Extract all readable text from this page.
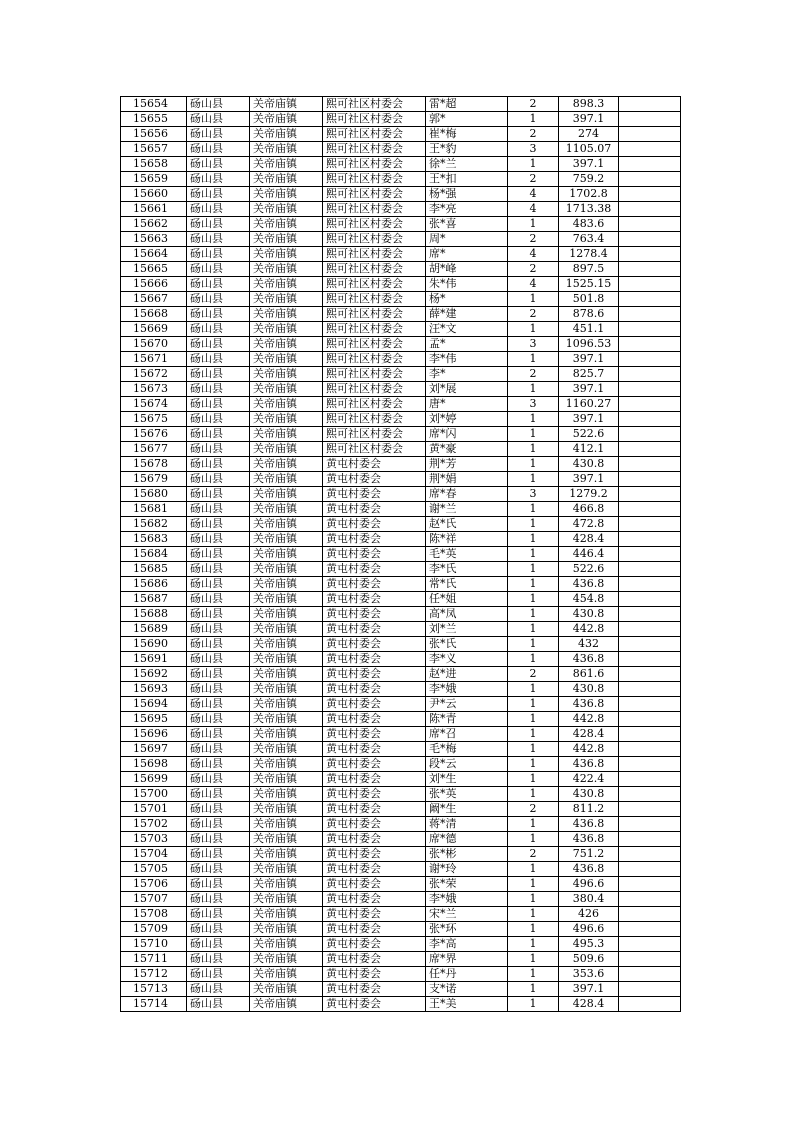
15654	砀山县	关帝庙镇	熙可社区村委会	雷*超	2	898.3	
15655	砀山县	关帝庙镇	熙可社区村委会	郭*	1	397.1	
15656	砀山县	关帝庙镇	熙可社区村委会	崔*梅	2	274	
15657	砀山县	关帝庙镇	熙可社区村委会	王*豹	3	1105.07	
15658	砀山县	关帝庙镇	熙可社区村委会	徐*兰	1	397.1	
15659	砀山县	关帝庙镇	熙可社区村委会	王*扣	2	759.2	
15660	砀山县	关帝庙镇	熙可社区村委会	杨*强	4	1702.8	
15661	砀山县	关帝庙镇	熙可社区村委会	李*亮	4	1713.38	
15662	砀山县	关帝庙镇	熙可社区村委会	张*喜	1	483.6	
15663	砀山县	关帝庙镇	熙可社区村委会	周*	2	763.4	
15664	砀山县	关帝庙镇	熙可社区村委会	席*	4	1278.4	
15665	砀山县	关帝庙镇	熙可社区村委会	胡*峰	2	897.5	
15666	砀山县	关帝庙镇	熙可社区村委会	朱*伟	4	1525.15	
15667	砀山县	关帝庙镇	熙可社区村委会	杨*	1	501.8	
15668	砀山县	关帝庙镇	熙可社区村委会	薛*建	2	878.6	
15669	砀山县	关帝庙镇	熙可社区村委会	汪*文	1	451.1	
15670	砀山县	关帝庙镇	熙可社区村委会	孟*	3	1096.53	
15671	砀山县	关帝庙镇	熙可社区村委会	李*伟	1	397.1	
15672	砀山县	关帝庙镇	熙可社区村委会	李*	2	825.7	
15673	砀山县	关帝庙镇	熙可社区村委会	刘*展	1	397.1	
15674	砀山县	关帝庙镇	熙可社区村委会	唐*	3	1160.27	
15675	砀山县	关帝庙镇	熙可社区村委会	刘*婷	1	397.1	
15676	砀山县	关帝庙镇	熙可社区村委会	席*闪	1	522.6	
15677	砀山县	关帝庙镇	熙可社区村委会	黄*豪	1	412.1	
15678	砀山县	关帝庙镇	黄屯村委会	荆*芳	1	430.8	
15679	砀山县	关帝庙镇	黄屯村委会	荆*娟	1	397.1	
15680	砀山县	关帝庙镇	黄屯村委会	席*春	3	1279.2	
15681	砀山县	关帝庙镇	黄屯村委会	谢*兰	1	466.8	
15682	砀山县	关帝庙镇	黄屯村委会	赵*氏	1	472.8	
15683	砀山县	关帝庙镇	黄屯村委会	陈*祥	1	428.4	
15684	砀山县	关帝庙镇	黄屯村委会	毛*英	1	446.4	
15685	砀山县	关帝庙镇	黄屯村委会	李*氏	1	522.6	
15686	砀山县	关帝庙镇	黄屯村委会	常*氏	1	436.8	
15687	砀山县	关帝庙镇	黄屯村委会	任*姐	1	454.8	
15688	砀山县	关帝庙镇	黄屯村委会	高*凤	1	430.8	
15689	砀山县	关帝庙镇	黄屯村委会	刘*兰	1	442.8	
15690	砀山县	关帝庙镇	黄屯村委会	张*氏	1	432	
15691	砀山县	关帝庙镇	黄屯村委会	李*义	1	436.8	
15692	砀山县	关帝庙镇	黄屯村委会	赵*进	2	861.6	
15693	砀山县	关帝庙镇	黄屯村委会	李*娥	1	430.8	
15694	砀山县	关帝庙镇	黄屯村委会	尹*云	1	436.8	
15695	砀山县	关帝庙镇	黄屯村委会	陈*青	1	442.8	
15696	砀山县	关帝庙镇	黄屯村委会	席*召	1	428.4	
15697	砀山县	关帝庙镇	黄屯村委会	毛*梅	1	442.8	
15698	砀山县	关帝庙镇	黄屯村委会	段*云	1	436.8	
15699	砀山县	关帝庙镇	黄屯村委会	刘*生	1	422.4	
15700	砀山县	关帝庙镇	黄屯村委会	张*英	1	430.8	
15701	砀山县	关帝庙镇	黄屯村委会	阚*生	2	811.2	
15702	砀山县	关帝庙镇	黄屯村委会	蒋*清	1	436.8	
15703	砀山县	关帝庙镇	黄屯村委会	席*德	1	436.8	
15704	砀山县	关帝庙镇	黄屯村委会	张*彬	2	751.2	
15705	砀山县	关帝庙镇	黄屯村委会	谢*玲	1	436.8	
15706	砀山县	关帝庙镇	黄屯村委会	张*荣	1	496.6	
15707	砀山县	关帝庙镇	黄屯村委会	李*娥	1	380.4	
15708	砀山县	关帝庙镇	黄屯村委会	宋*兰	1	426	
15709	砀山县	关帝庙镇	黄屯村委会	张*环	1	496.6	
15710	砀山县	关帝庙镇	黄屯村委会	李*高	1	495.3	
15711	砀山县	关帝庙镇	黄屯村委会	席*界	1	509.6	
15712	砀山县	关帝庙镇	黄屯村委会	任*丹	1	353.6	
15713	砀山县	关帝庙镇	黄屯村委会	支*诺	1	397.1	
15714	砀山县	关帝庙镇	黄屯村委会	王*美	1	428.4	
